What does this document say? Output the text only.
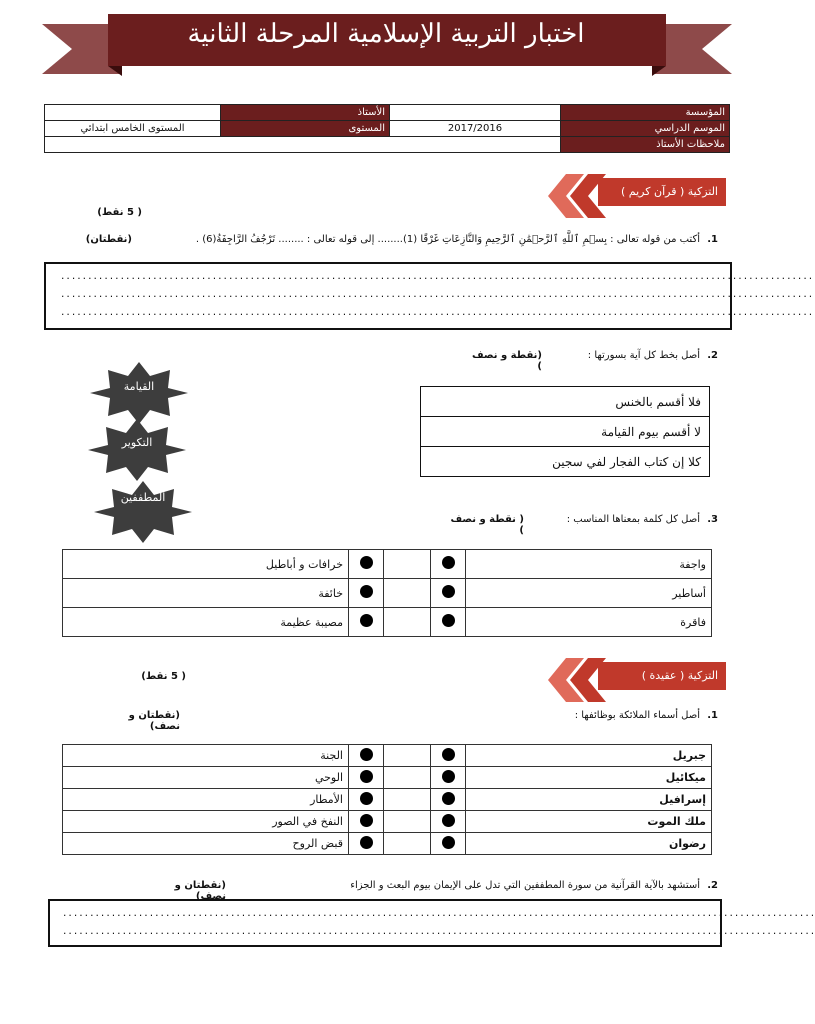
اختبار التربية الإسلامية المرحلة الثانية
المؤسسة		الأستاذ	
الموسم الدراسي	2017/2016	المستوى	المستوى الخامس ابتدائي
ملاحظات الأستاذ			
التزكية ( قرآن كريم )
( 5 نقط)
أكتب من قوله تعالى : بِسۡمِ ٱللَّهِ ٱلرَّحۡمَٰنِ ٱلرَّحِيمِ وَالنَّازِعَاتِ غَرْقًا (1)........ إلى قوله تعالى : ........ تَرْجُفُ الرَّاجِفَةُ(6) . 1.
(نقطتان)
...........................................................................................................................................
...........................................................................................................................................
...........................................................................................................................................
أصل بخط كل آية بسورتها : 2.
(نقطة و نصف )
القيامة
التكوير
المطففين
فلا أقسم بالخنس
لا أقسم بيوم القيامة
كلا إن كتاب الفجار لفي سجين
أصل كل كلمة بمعناها المناسب : 3.
( نقطة و نصف )
واجفة				خرافات و أباطيل
أساطير				خائفة
فاقرة				مصيبة عظيمة
التزكية ( عقيدة )
( 5 نقط)
أصل أسماء الملائكة بوظائفها : 1.
(نقطتان و نصف)
جبريل				الجنة
ميكائيل				الوحي
إسرافيل				الأمطار
ملك الموت				النفخ في الصور
رضوان				قبض الروح
أستشهد بالآية القرآنية من سورة المطففين التي تدل على الإيمان بيوم البعث و الجزاء 2.
(نقطتان و نصف)
...........................................................................................................................................
...........................................................................................................................................
